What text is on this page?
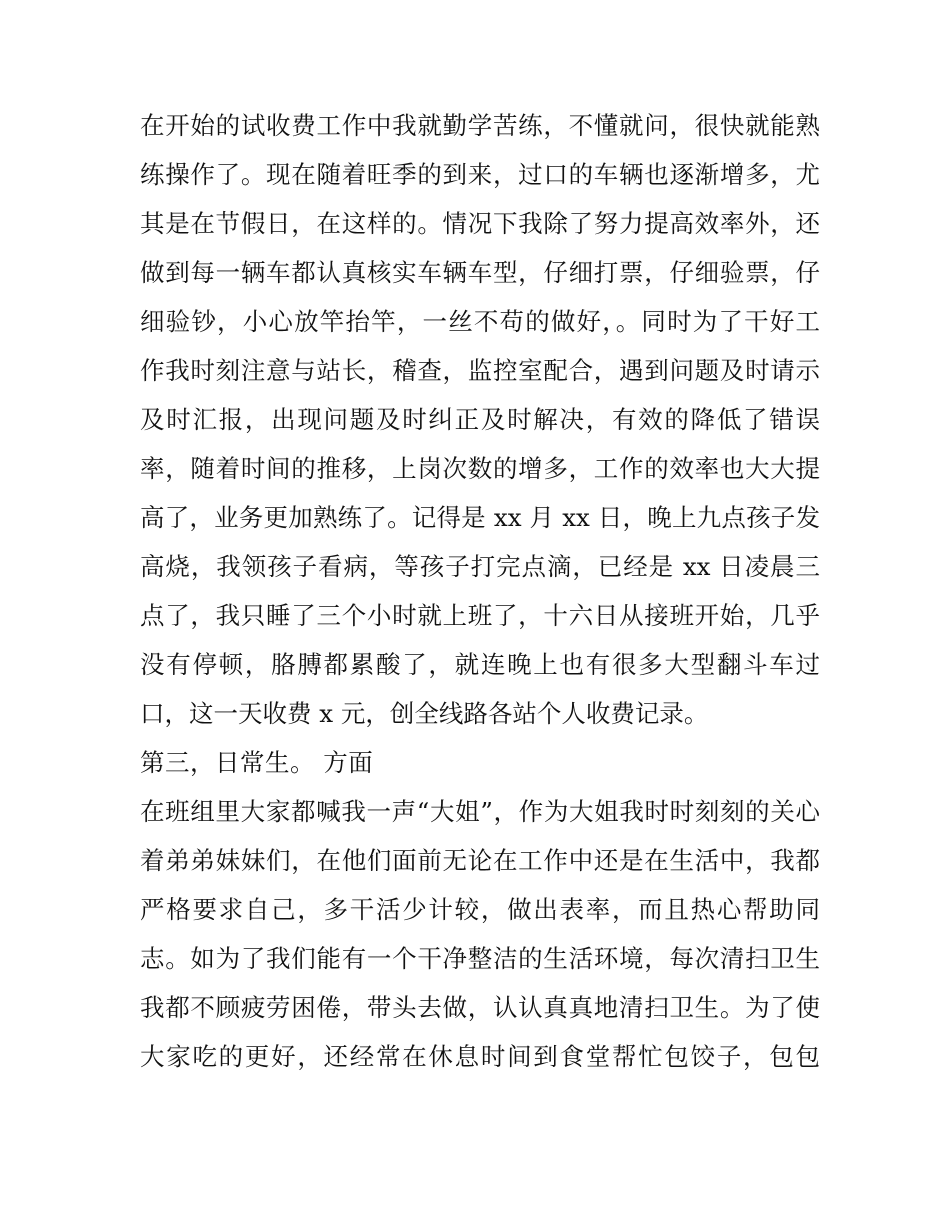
在开始的试收费工作中我就勤学苦练，不懂就问，很快就能熟
练操作了。现在随着旺季的到来，过口的车辆也逐渐增多，尤
其是在节假日，在这样的。情况下我除了努力提高效率外，还
做到每一辆车都认真核实车辆车型，仔细打票，仔细验票，仔
细验钞，小心放竿抬竿，一丝不苟的做好，。同时为了干好工
作我时刻注意与站长，稽查，监控室配合，遇到问题及时请示
及时汇报，出现问题及时纠正及时解决，有效的降低了错误
率，随着时间的推移，上岗次数的增多，工作的效率也大大提
高了，业务更加熟练了。记得是 xx 月 xx 日，晚上九点孩子发
高烧，我领孩子看病，等孩子打完点滴，已经是 xx 日凌晨三
点了，我只睡了三个小时就上班了，十六日从接班开始，几乎
没有停顿，胳膊都累酸了，就连晚上也有很多大型翻斗车过
口，这一天收费 x 元，创全线路各站个人收费记录。
第三，日常生。 方面
在班组里大家都喊我一声“大姐”，作为大姐我时时刻刻的关心
着弟弟妹妹们，在他们面前无论在工作中还是在生活中，我都
严格要求自己，多干活少计较，做出表率，而且热心帮助同
志。如为了我们能有一个干净整洁的生活环境，每次清扫卫生
我都不顾疲劳困倦，带头去做，认认真真地清扫卫生。为了使
大家吃的更好，还经常在休息时间到食堂帮忙包饺子，包包
